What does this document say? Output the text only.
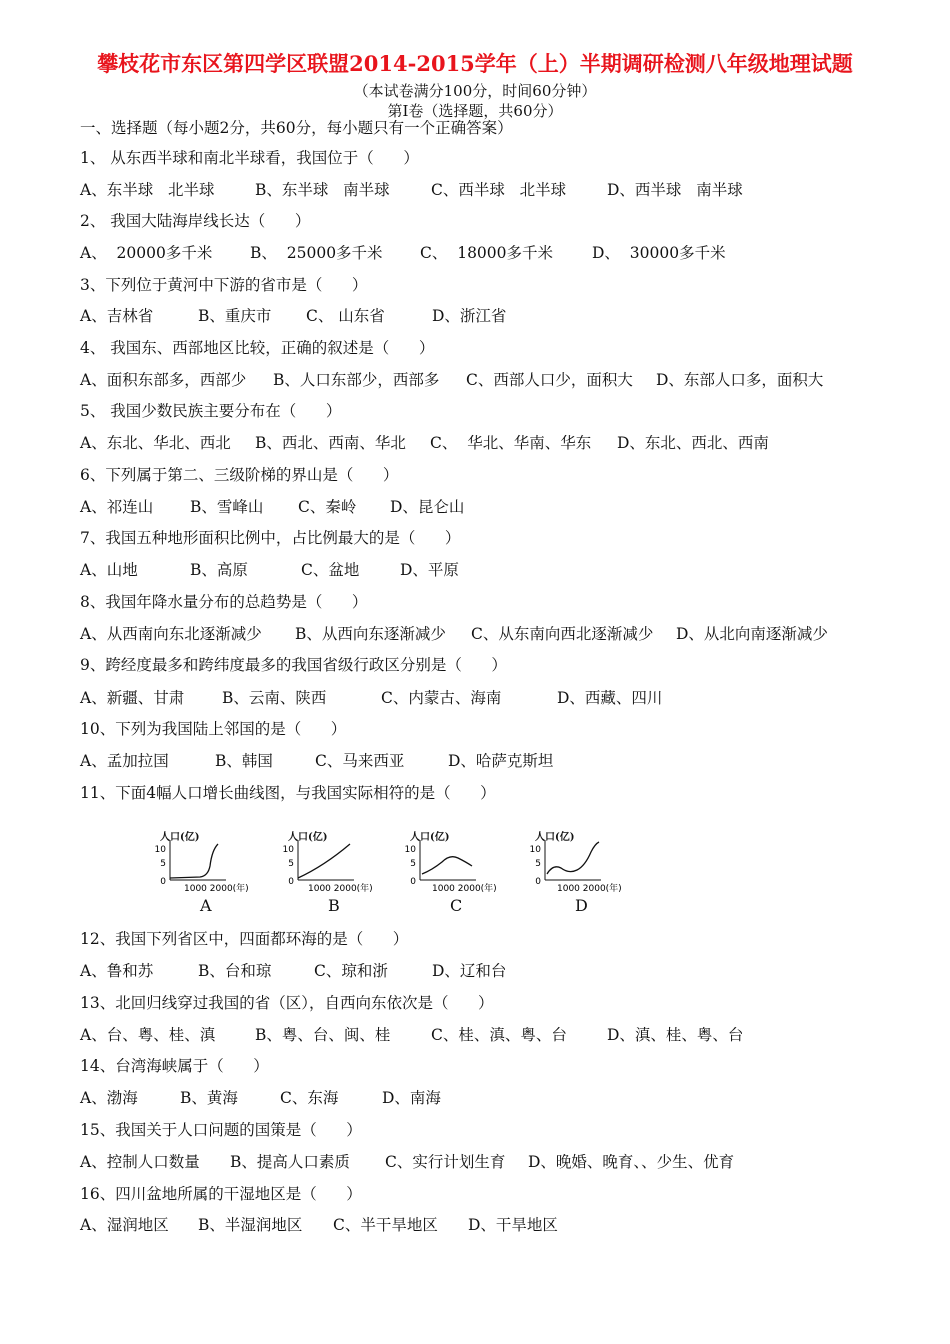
攀枝花市东区第四学区联盟2014-2015学年（上）半期调研检测八年级地理试题
（本试卷满分100分，时间60分钟）
第Ⅰ卷（选择题，共60分）
一、选择题（每小题2分，共60分，每小题只有一个正确答案）
1、 从东西半球和南北半球看，我国位于（      ）
A、东半球   北半球	B、东半球   南半球	C、西半球   北半球	D、西半球   南半球
2、 我国大陆海岸线长达（      ）
A、  20000多千米 B、  25000多千米 C、  18000多千米	D、  30000多千米
3、下列位于黄河中下游的省市是（      ）
A、吉林省	B、重庆市 C、 山东省	D、浙江省
4、 我国东、西部地区比较，正确的叙述是（      ）
A、面积东部多，西部少 B、人口东部少，西部多 C、西部人口少，面积大 D、东部人口多，面积大
5、 我国少数民族主要分布在（      ）
A、东北、华北、西北 B、西北、西南、华北 C、  华北、华南、华东 D、东北、西北、西南
6、下列属于第二、三级阶梯的界山是（      ）
A、祁连山 B、雪峰山 C、秦岭 D、昆仑山
7、我国五种地形面积比例中，占比例最大的是（      ）
A、山地	B、高原	C、盆地	D、平原
8、我国年降水量分布的总趋势是（      ）
A、从西南向东北逐渐减少 B、从西向东逐渐减少 C、从东南向西北逐渐减少 D、从北向南逐渐减少
9、跨经度最多和跨纬度最多的我国省级行政区分别是（      ）
A、新疆、甘肃 B、云南、陕西	C、内蒙古、海南	D、西藏、四川
10、下列为我国陆上邻国的是（      ）
A、孟加拉国	B、韩国	C、马来西亚	D、哈萨克斯坦
11、下面4幅人口增长曲线图，与我国实际相符的是（      ）
12、我国下列省区中，四面都环海的是（      ）
A、鲁和苏	B、台和琼	C、琼和浙	D、辽和台
13、北回归线穿过我国的省（区），自西向东依次是（      ）
A、台、粤、桂、滇	B、粤、台、闽、桂	C、桂、滇、粤、台	D、滇、桂、粤、台
14、台湾海峡属于（      ）
A、渤海	B、黄海	C、东海	D、南海
15、我国关于人口问题的国策是（      ）
A、控制人口数量 B、提高人口素质 C、实行计划生育 D、晚婚、晚育、、少生、优育
16、四川盆地所属的干湿地区是（      ）
A、湿润地区 B、半湿润地区 C、半干旱地区 D、干旱地区
人口(亿)
10
5
0
1000 2000(年)
A
人口(亿)
10
5
0
1000 2000(年)
B
人口(亿)
10
5
0
1000 2000(年)
C
人口(亿)
10
5
0
1000 2000(年)
D
